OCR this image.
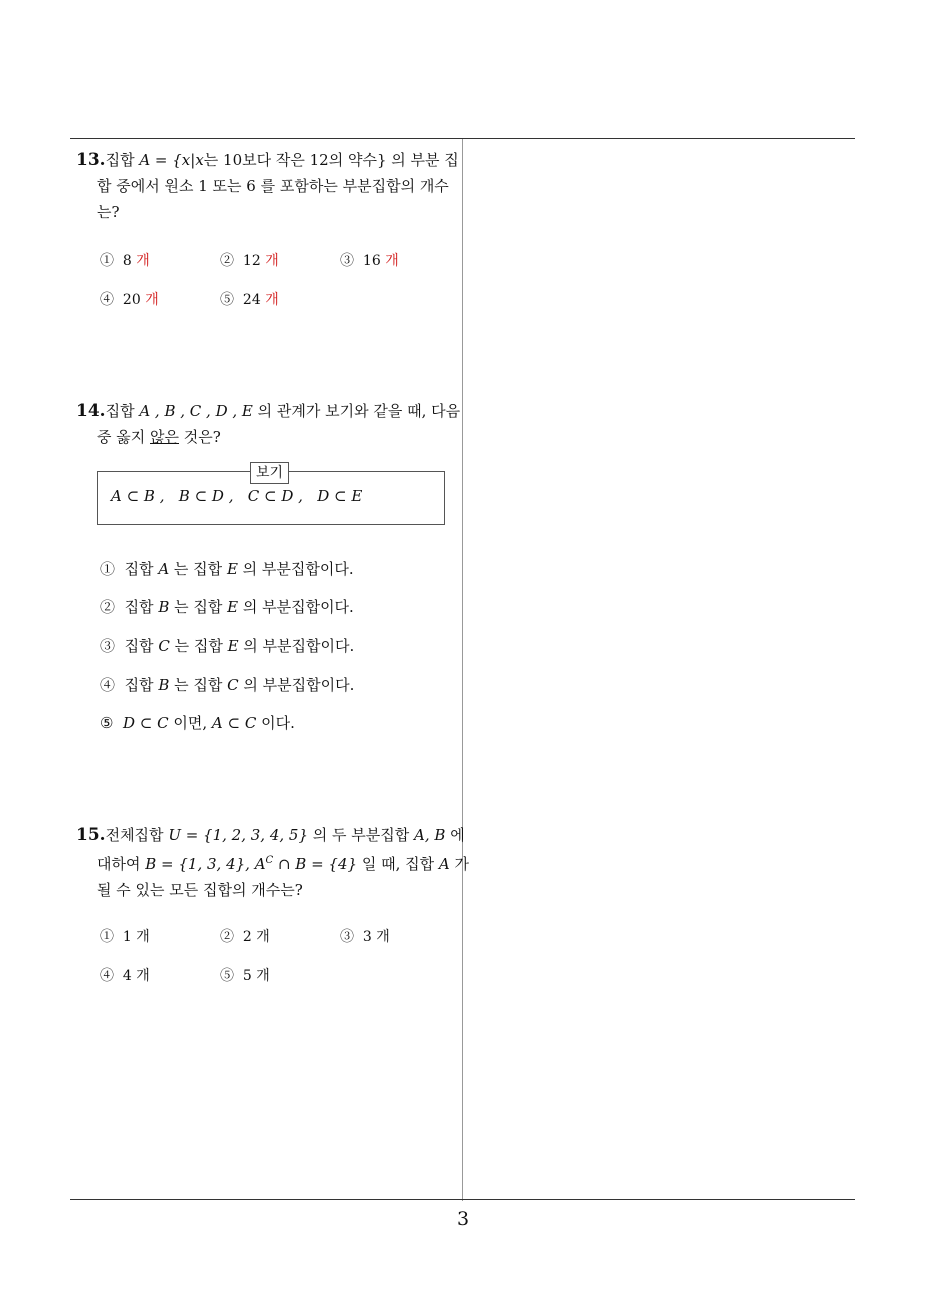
13.집합 A = {x|x는 10보다 작은 12의 약수} 의 부분 집

합 중에서 원소 1 또는 6 를 포함하는 부분집합의 개수

는?

① 8 개	② 12 개	③ 16 개
④ 20 개	⑤ 24 개

14.집합 A , B , C , D , E 의 관계가 보기와 같을 때, 다음

중 옳지 않은 것은?

보기
A ⊂ B ,   B ⊂ D ,   C ⊂ D ,   D ⊂ E
① 집합 A 는 집합 E 의 부분집합이다.
② 집합 B 는 집합 E 의 부분집합이다.
③ 집합 C 는 집합 E 의 부분집합이다.
④ 집합 B 는 집합 C 의 부분집합이다.
⑤ D ⊂ C 이면, A ⊂ C 이다.

15.전체집합 U = {1, 2, 3, 4, 5} 의 두 부분집합 A, B 에

대하여 B = {1, 3, 4}, $A^C$ ∩ B = {4} 일 때, 집합 A 가

될 수 있는 모든 집합의 개수는?

① 1 개	② 2 개	③ 3 개
④ 4 개	⑤ 5 개
3
